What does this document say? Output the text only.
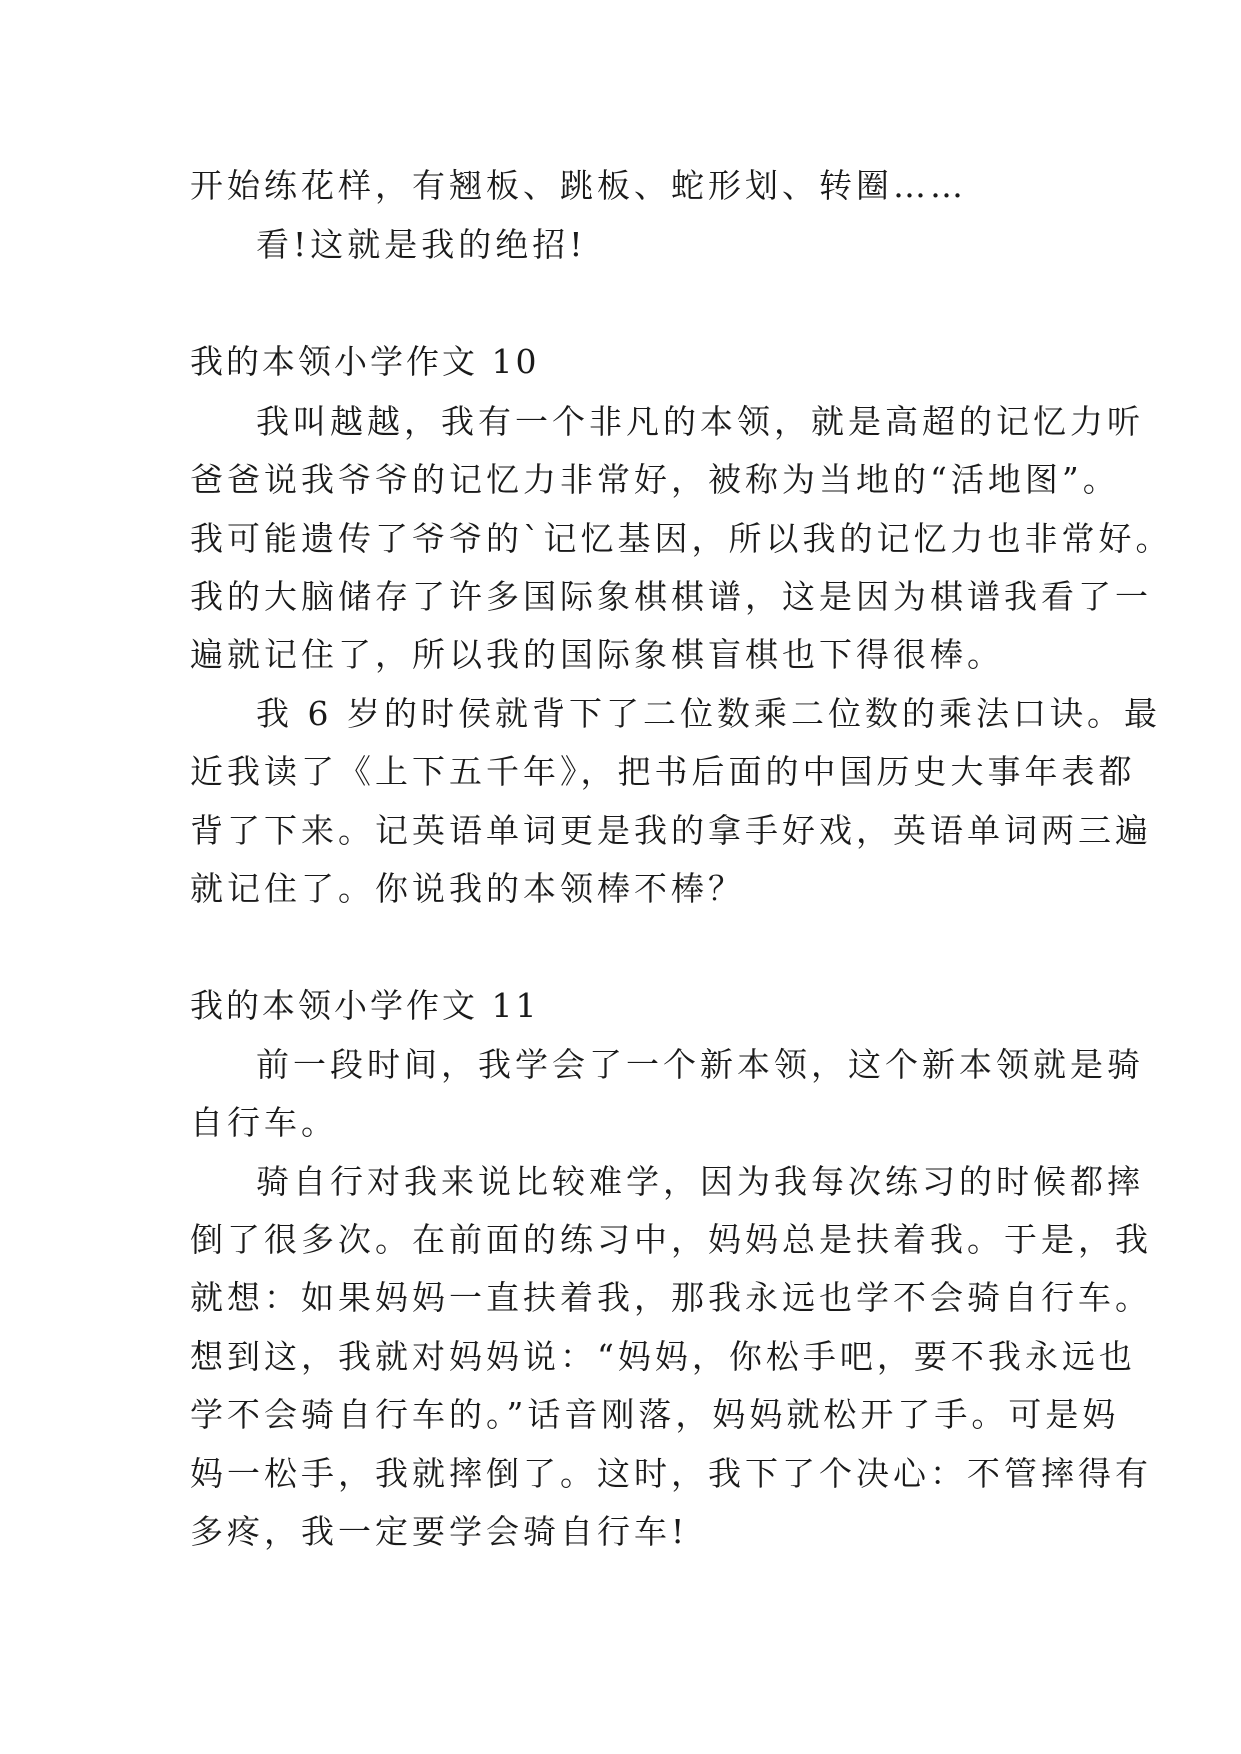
开始练花样，有翘板、跳板、蛇形划、转圈……
看!这就是我的绝招!
我的本领小学作文 10
我叫越越，我有一个非凡的本领，就是高超的记忆力听
爸爸说我爷爷的记忆力非常好，被称为当地的“活地图”。
我可能遗传了爷爷的`记忆基因，所以我的记忆力也非常好。
我的大脑储存了许多国际象棋棋谱，这是因为棋谱我看了一
遍就记住了，所以我的国际象棋盲棋也下得很棒。
我 6 岁的时侯就背下了二位数乘二位数的乘法口诀。最
近我读了《上下五千年》，把书后面的中国历史大事年表都
背了下来。记英语单词更是我的拿手好戏，英语单词两三遍
就记住了。你说我的本领棒不棒？
我的本领小学作文 11
前一段时间，我学会了一个新本领，这个新本领就是骑
自行车。
骑自行对我来说比较难学，因为我每次练习的时候都摔
倒了很多次。在前面的练习中，妈妈总是扶着我。于是，我
就想：如果妈妈一直扶着我，那我永远也学不会骑自行车。
想到这，我就对妈妈说：“妈妈，你松手吧，要不我永远也
学不会骑自行车的。”话音刚落，妈妈就松开了手。可是妈
妈一松手，我就摔倒了。这时，我下了个决心：不管摔得有
多疼，我一定要学会骑自行车!
